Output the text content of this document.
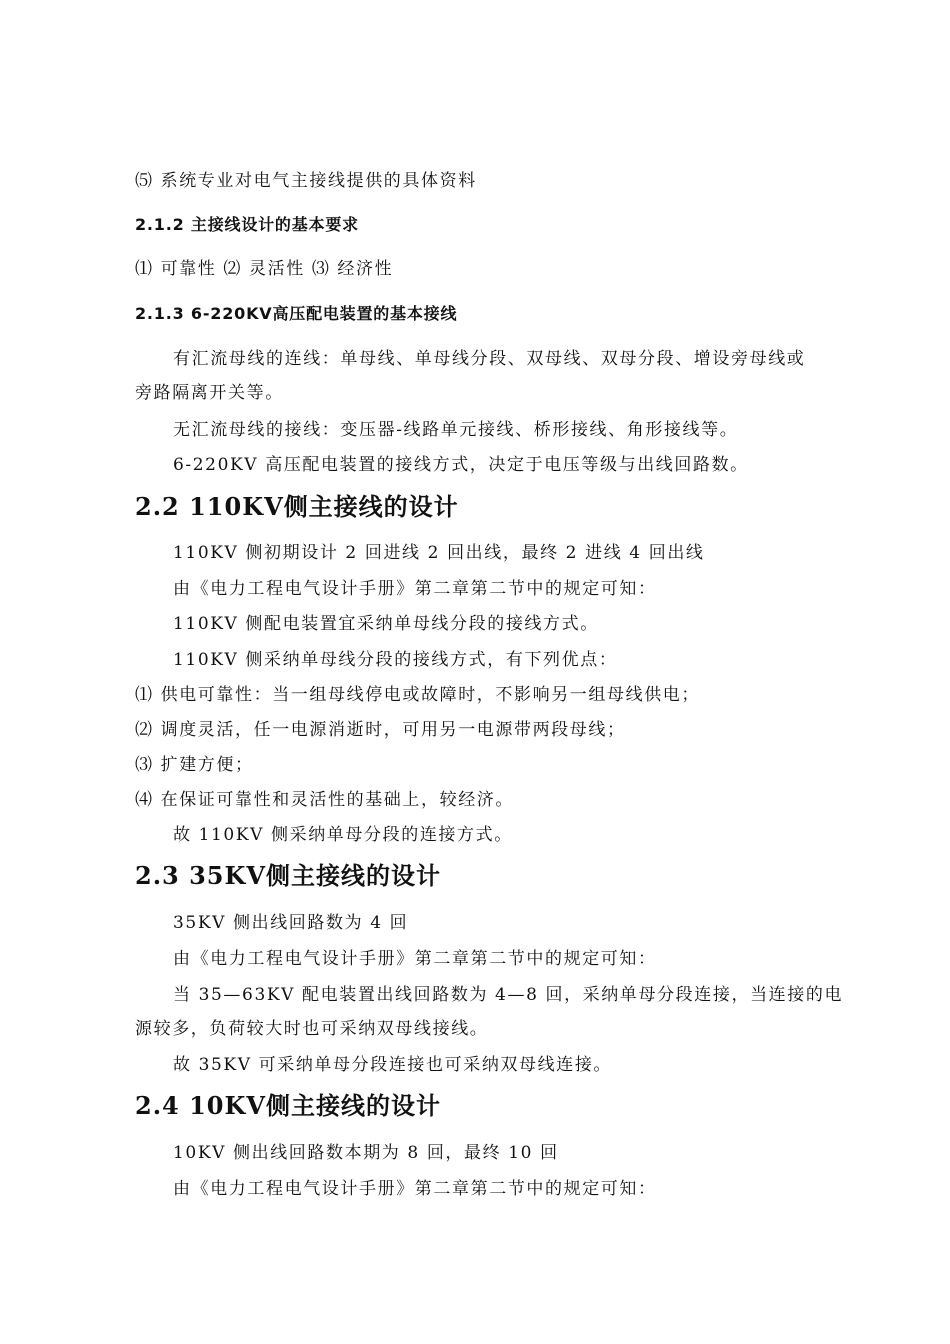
⑸ 系统专业对电气主接线提供的具体资料
2.1.2 主接线设计的基本要求
⑴ 可靠性 ⑵ 灵活性 ⑶ 经济性
2.1.3 6-220KV高压配电装置的基本接线
有汇流母线的连线：单母线、单母线分段、双母线、双母分段、增设旁母线或
旁路隔离开关等。
无汇流母线的接线：变压器-线路单元接线、桥形接线、角形接线等。
6-220KV 高压配电装置的接线方式，决定于电压等级与出线回路数。
2.2 110KV侧主接线的设计
110KV 侧初期设计 2 回进线 2 回出线，最终 2 进线 4 回出线
由《电力工程电气设计手册》第二章第二节中的规定可知：
110KV 侧配电装置宜采纳单母线分段的接线方式。
110KV 侧采纳单母线分段的接线方式，有下列优点：
⑴ 供电可靠性：当一组母线停电或故障时，不影响另一组母线供电；
⑵ 调度灵活，任一电源消逝时，可用另一电源带两段母线；
⑶ 扩建方便；
⑷ 在保证可靠性和灵活性的基础上，较经济。
故 110KV 侧采纳单母分段的连接方式。
2.3 35KV侧主接线的设计
35KV 侧出线回路数为 4 回
由《电力工程电气设计手册》第二章第二节中的规定可知：
当 35—63KV 配电装置出线回路数为 4—8 回，采纳单母分段连接，当连接的电
源较多，负荷较大时也可采纳双母线接线。
故 35KV 可采纳单母分段连接也可采纳双母线连接。
2.4 10KV侧主接线的设计
10KV 侧出线回路数本期为 8 回，最终 10 回
由《电力工程电气设计手册》第二章第二节中的规定可知：
